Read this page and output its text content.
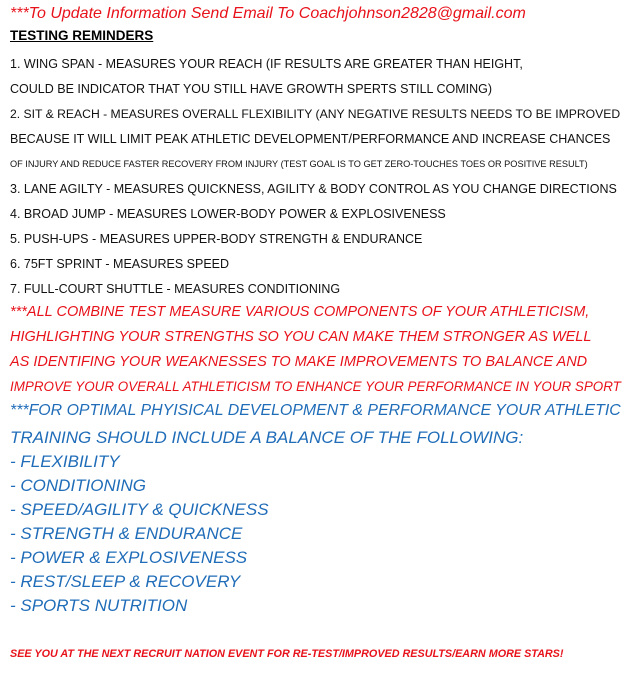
***To Update Information Send Email To Coachjohnson2828@gmail.com
TESTING REMINDERS
1. WING SPAN - MEASURES YOUR REACH (IF RESULTS ARE GREATER THAN HEIGHT,
COULD BE INDICATOR THAT YOU STILL HAVE GROWTH SPERTS STILL COMING)
2. SIT & REACH - MEASURES OVERALL FLEXIBILITY (ANY NEGATIVE RESULTS NEEDS TO BE IMPROVED
BECAUSE IT WILL LIMIT PEAK ATHLETIC DEVELOPMENT/PERFORMANCE AND INCREASE CHANCES
OF INJURY AND REDUCE FASTER RECOVERY FROM INJURY (TEST GOAL IS TO GET ZERO-TOUCHES TOES OR POSITIVE RESULT)
3. LANE AGILTY - MEASURES QUICKNESS, AGILITY & BODY CONTROL AS YOU CHANGE DIRECTIONS
4. BROAD JUMP - MEASURES LOWER-BODY POWER & EXPLOSIVENESS
5. PUSH-UPS - MEASURES UPPER-BODY STRENGTH & ENDURANCE
6. 75FT SPRINT - MEASURES SPEED
7. FULL-COURT SHUTTLE - MEASURES CONDITIONING
***ALL COMBINE TEST MEASURE VARIOUS COMPONENTS OF YOUR ATHLETICISM,
HIGHLIGHTING YOUR STRENGTHS SO YOU CAN MAKE THEM STRONGER AS WELL
AS IDENTIFING YOUR WEAKNESSES TO MAKE IMPROVEMENTS TO BALANCE AND
IMPROVE YOUR OVERALL ATHLETICISM TO ENHANCE YOUR PERFORMANCE IN YOUR SPORT
***FOR OPTIMAL PHYISICAL DEVELOPMENT & PERFORMANCE YOUR ATHLETIC
TRAINING SHOULD INCLUDE A BALANCE OF THE FOLLOWING:
- FLEXIBILITY
- CONDITIONING
- SPEED/AGILITY & QUICKNESS
- STRENGTH & ENDURANCE
- POWER & EXPLOSIVENESS
- REST/SLEEP & RECOVERY
- SPORTS NUTRITION
SEE YOU AT THE NEXT RECRUIT NATION EVENT FOR RE-TEST/IMPROVED RESULTS/EARN MORE STARS!
